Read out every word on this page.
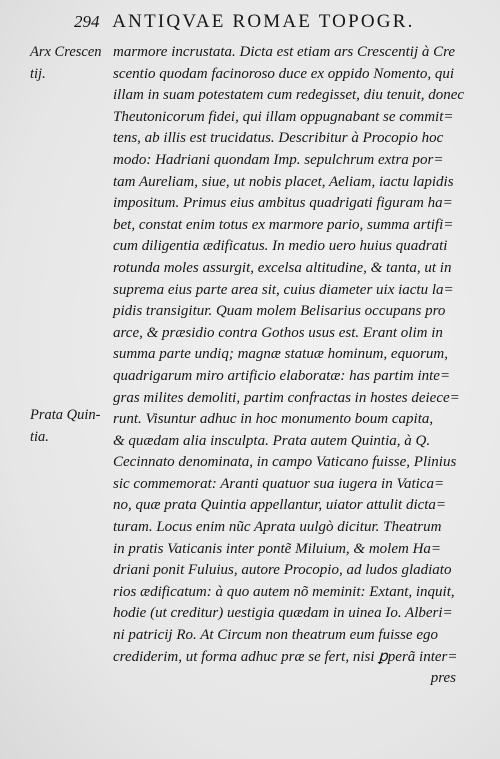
294 ANTIQVAE ROMAE TOPOGR.
Arx Crescen
tij.
Prata Quin-
tia.
marmore incrustata. Dicta est etiam ars Crescentij à Cre
scentio quodam facinoroso duce ex oppido Nomento, qui
illam in suam potestatem cum redegisset, diu tenuit, donec
Theutonicorum fidei, qui illam oppugnabant se commit=
tens, ab illis est trucidatus. Describitur à Procopio hoc
modo: Hadriani quondam Imp. sepulchrum extra por=
tam Aureliam, siue, ut nobis placet, Aeliam, iactu lapidis
impositum. Primus eius ambitus quadrigati figuram ha=
bet, constat enim totus ex marmore pario, summa artifi=
cum diligentia ædificatus. In medio uero huius quadrati
rotunda moles assurgit, excelsa altitudine, & tanta, ut in
suprema eius parte area sit, cuius diameter uix iactu la=
pidis transigitur. Quam molem Belisarius occupans pro
arce, & præsidio contra Gothos usus est. Erant olim in
summa parte undiq; magnæ statuæ hominum, equorum,
quadrigarum miro artificio elaboratæ: has partim inte=
gras milites demoliti, partim confractas in hostes deiece=
runt. Visuntur adhuc in hoc monumento boum capita,
& quædam alia insculpta. Prata autem Quintia, à Q.
Cecinnato denominata, in campo Vaticano fuisse, Plinius
sic commemorat: Aranti quatuor sua iugera in Vatica=
no, quæ prata Quintia appellantur, uiator attulit dicta=
turam. Locus enim nũc Aprata uulgò dicitur. Theatrum
in pratis Vaticanis inter pontẽ Miluium, & molem Ha=
driani ponit Fuluius, autore Procopio, ad ludos gladiato
rios ædificatum: à quo autem nõ meminit: Extant, inquit,
hodie (ut creditur) uestigia quædam in uinea Io. Alberi=
ni patricij Ro. At Circum non theatrum eum fuisse ego
crediderim, ut forma adhuc præ se fert, nisi ꝑperã inter=
pres
